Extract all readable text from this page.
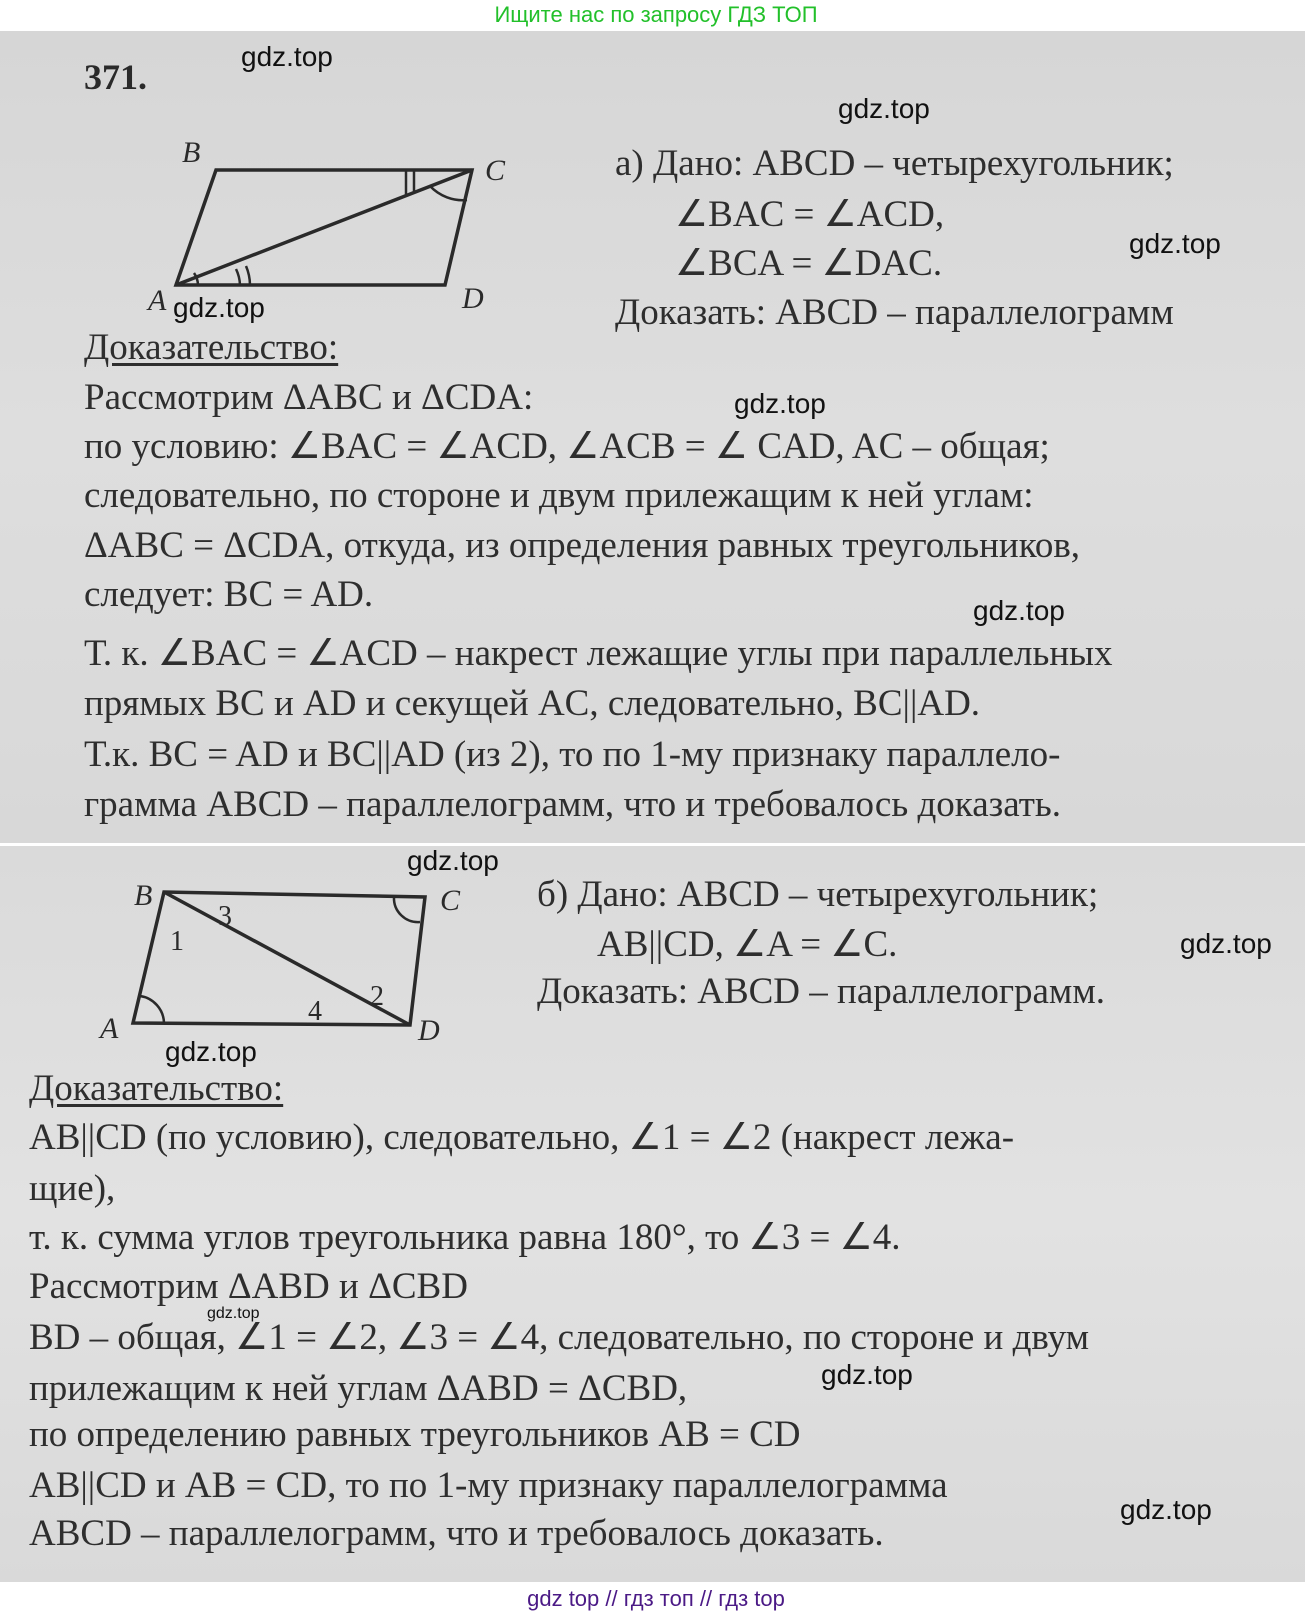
Ищите нас по запросу ГДЗ ТОП
371.
B
C
A	D
B	C
A	D
1
2
3
4
а) Дано: ABCD – четырехугольник;
∠BAC = ∠ACD,
∠BCA = ∠DAC.
Доказать: ABCD – параллелограмм
Доказательство:
Рассмотрим ΔABC и ΔCDA:
по условию: ∠BAC = ∠ACD, ∠ACB = ∠ CAD, AC – общая;
следовательно, по стороне и двум прилежащим к ней углам:
ΔABC = ΔCDA, откуда, из определения равных треугольников,
следует: BC = AD.
Т. к. ∠BAC = ∠ACD – накрест лежащие углы при параллельных
прямых BC и AD и секущей AC, следовательно, BC||AD.
Т.к. BC = AD и BC||AD (из 2), то по 1-му признаку параллело-
грамма ABCD – параллелограмм, что и требовалось доказать.
б) Дано: ABCD – четырехугольник;
AB||CD, ∠A = ∠C.
Доказать: ABCD – параллелограмм.
Доказательство:
AB||CD (по условию), следовательно, ∠1 = ∠2 (накрест лежа-
щие),
т. к. сумма углов треугольника равна 180°, то ∠3 = ∠4.
Рассмотрим ΔABD и ΔCBD
BD – общая, ∠1 = ∠2, ∠3 = ∠4, следовательно, по стороне и двум
прилежащим к ней углам ΔABD = ΔCBD,
по определению равных треугольников AB = CD
AB||CD и AB = CD, то по 1-му признаку параллелограмма
ABCD – параллелограмм, что и требовалось доказать.
gdz.top
gdz.top
gdz.top
gdz.top
gdz.top
gdz.top
gdz.top
gdz.top
gdz.top
gdz.top
gdz.top
gdz.top
gdz top // гдз топ // гдз top
